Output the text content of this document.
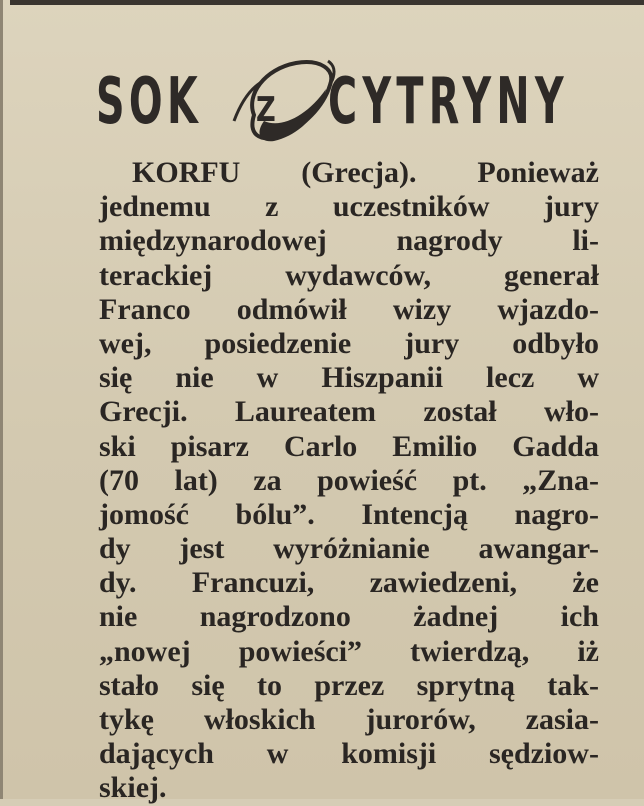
SOK Z CYTRYNY
KORFU (Grecja). Ponieważ
jednemu z uczestników jury
międzynarodowej nagrody li-
terackiej wydawców, generał
Franco odmówił wizy wjazdo-
wej, posiedzenie jury odbyło
się nie w Hiszpanii lecz w
Grecji. Laureatem został wło-
ski pisarz Carlo Emilio Gadda
(70 lat) za powieść pt. „Zna-
jomość bólu”. Intencją nagro-
dy jest wyróżnianie awangar-
dy. Francuzi, zawiedzeni, że
nie nagrodzono żadnej ich
„nowej powieści” twierdzą, iż
stało się to przez sprytną tak-
tykę włoskich jurorów, zasia-
dających w komisji sędziow-
skiej.
